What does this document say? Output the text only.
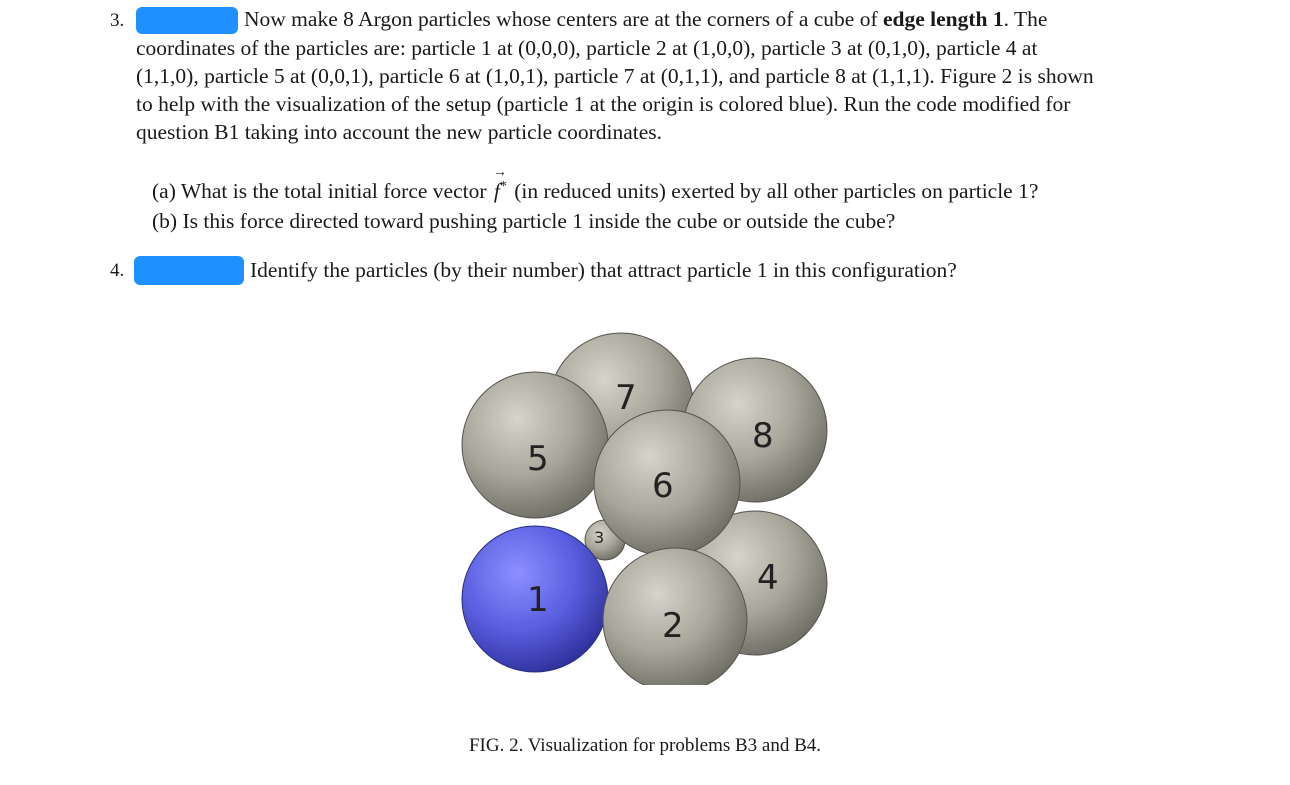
3.	Now make 8 Argon particles whose centers are at the corners of a cube of edge length 1. The
coordinates of the particles are: particle 1 at (0,0,0), particle 2 at (1,0,0), particle 3 at (0,1,0), particle 4 at
(1,1,0), particle 5 at (0,0,1), particle 6 at (1,0,1), particle 7 at (0,1,1), and particle 8 at (1,1,1). Figure 2 is shown
to help with the visualization of the setup (particle 1 at the origin is colored blue). Run the code modified for
question B1 taking into account the new particle coordinates.
(a) What is the total initial force vector
→
f* (in reduced units) exerted by all other particles on particle 1?
(b) Is this force directed toward pushing particle 1 inside the cube or outside the cube?
4.	Identify the particles (by their number) that attract particle 1 in this configuration?
7
8
5
6
3
4
1
2
FIG. 2. Visualization for problems B3 and B4.
